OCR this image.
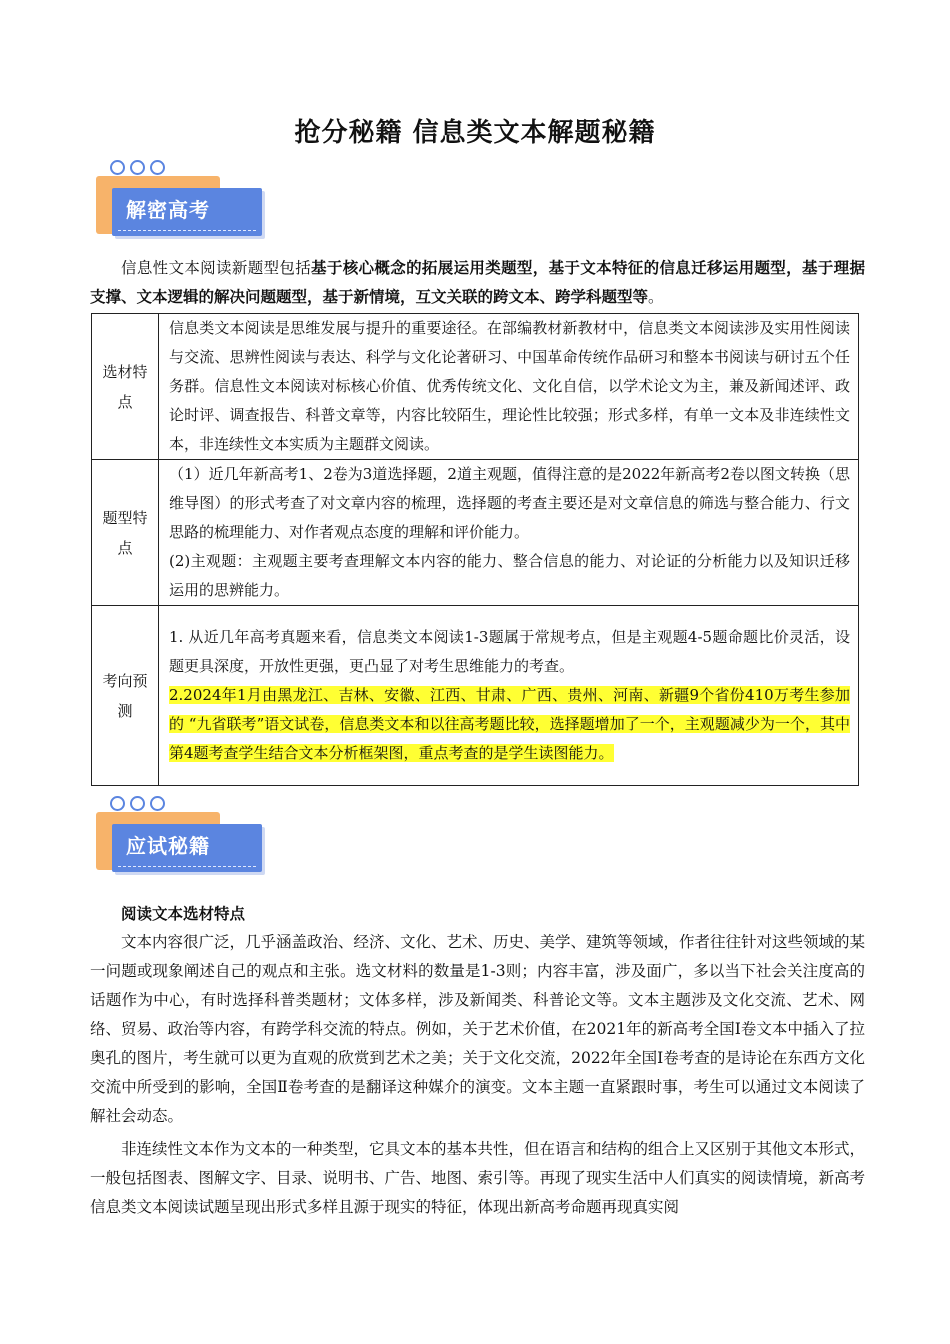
抢分秘籍 信息类文本解题秘籍
解密高考
信息性文本阅读新题型包括基于核心概念的拓展运用类题型，基于文本特征的信息迁移运用题型，基于理据支撑、文本逻辑的解决问题题型，基于新情境，互文关联的跨文本、跨学科题型等。
选材特点	信息类文本阅读是思维发展与提升的重要途径。在部编教材新教材中，信息类文本阅读涉及实用性阅读与交流、思辨性阅读与表达、科学与文化论著研习、中国革命传统作品研习和整本书阅读与研讨五个任务群。信息性文本阅读对标核心价值、优秀传统文化、文化自信，以学术论文为主，兼及新闻述评、政论时评、调查报告、科普文章等，内容比较陌生，理论性比较强；形式多样，有单一文本及非连续性文本，非连续性文本实质为主题群文阅读。

题型特点	（1）近几年新高考1、2卷为3道选择题，2道主观题，值得注意的是2022年新高考2卷以图文转换（思维导图）的形式考查了对文章内容的梳理，选择题的考查主要还是对文章信息的筛选与整合能力、行文思路的梳理能力、对作者观点态度的理解和评价能力。
(2)主观题：主观题主要考查理解文本内容的能力、整合信息的能力、对论证的分析能力以及知识迁移运用的思辨能力。

考向预测	1. 从近几年高考真题来看，信息类文本阅读1-3题属于常规考点，但是主观题4-5题命题比价灵活，设题更具深度，开放性更强，更凸显了对考生思维能力的考查。
2.2024年1月由黑龙江、吉林、安徽、江西、甘肃、广西、贵州、河南、新疆9个省份410万考生参加的 “九省联考”语文试卷，信息类文本和以往高考题比较，选择题增加了一个，主观题减少为一个，其中第4题考查学生结合文本分析框架图，重点考查的是学生读图能力。
应试秘籍
阅读文本选材特点
文本内容很广泛，几乎涵盖政治、经济、文化、艺术、历史、美学、建筑等领域，作者往往针对这些领域的某一问题或现象阐述自己的观点和主张。选文材料的数量是1-3则；内容丰富，涉及面广，多以当下社会关注度高的话题作为中心，有时选择科普类题材；文体多样，涉及新闻类、科普论文等。文本主题涉及文化交流、艺术、网络、贸易、政治等内容，有跨学科交流的特点。例如，关于艺术价值，在2021年的新高考全国Ⅰ卷文本中插入了拉奥孔的图片，考生就可以更为直观的欣赏到艺术之美；关于文化交流，2022年全国Ⅰ卷考查的是诗论在东西方文化交流中所受到的影响，全国Ⅱ卷考查的是翻译这种媒介的演变。文本主题一直紧跟时事，考生可以通过文本阅读了解社会动态。
非连续性文本作为文本的一种类型，它具文本的基本共性，但在语言和结构的组合上又区别于其他文本形式，一般包括图表、图解文字、目录、说明书、广告、地图、索引等。再现了现实生活中人们真实的阅读情境，新高考信息类文本阅读试题呈现出形式多样且源于现实的特征，体现出新高考命题再现真实阅
